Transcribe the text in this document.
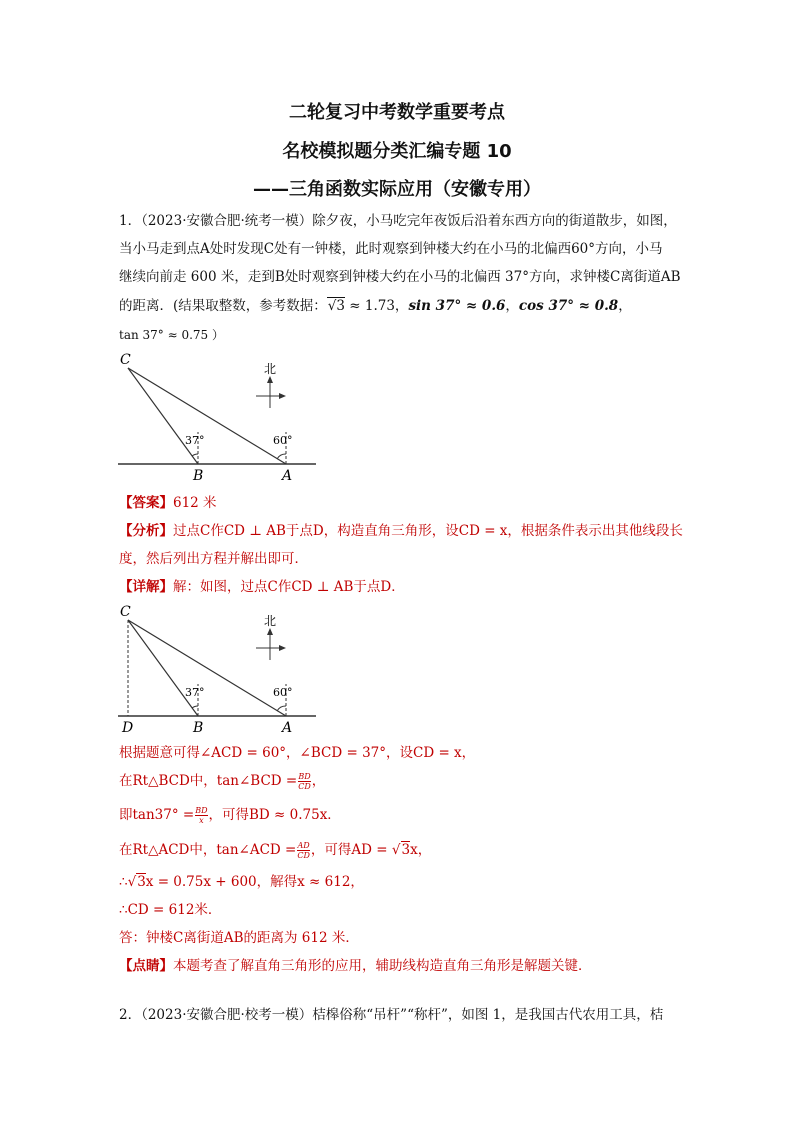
二轮复习中考数学重要考点
名校模拟题分类汇编专题 10
——三角函数实际应用（安徽专用）
1．（2023·安徽合肥·统考一模）除夕夜，小马吃完年夜饭后沿着东西方向的街道散步，如图，
当小马走到点A处时发现C处有一钟楼，此时观察到钟楼大约在小马的北偏西60°方向，小马
继续向前走 600 米，走到B处时观察到钟楼大约在小马的北偏西 37°方向，求钟楼C离街道AB
的距离．(结果取整数，参考数据：√3 ≈ 1.73，sin 37° ≈ 0.6，cos 37° ≈ 0.8，
tan 37° ≈ 0.75 ）
C
B	A
37°	60°
北
【答案】612 米
【分析】过点C作CD ⊥ AB于点D，构造直角三角形，设CD = x，根据条件表示出其他线段长
度，然后列出方程并解出即可．
【详解】解：如图，过点C作CD ⊥ AB于点D．
C
D	B	A
37°	60°
北
根据题意可得∠ACD = 60°，∠BCD = 37°，设CD = x，
在Rt△BCD中，tan∠BCD = $\frac{BD}{CD}$ ，
即$\tan 37^\circ = \frac{BD}{x}$ ，可得BD ≈ 0.75x．
在Rt△ACD中，tan∠ACD = $\frac{AD}{CD}$ ，可得AD = √3x，
∴√3x = 0.75x + 600，解得x ≈ 612，
∴CD = 612米．
答：钟楼C离街道AB的距离为 612 米．
【点睛】本题考查了解直角三角形的应用，辅助线构造直角三角形是解题关键．
2．（2023·安徽合肥·校考一模）桔槔俗称“吊杆”“称杆”，如图 1，是我国古代农用工具，桔
